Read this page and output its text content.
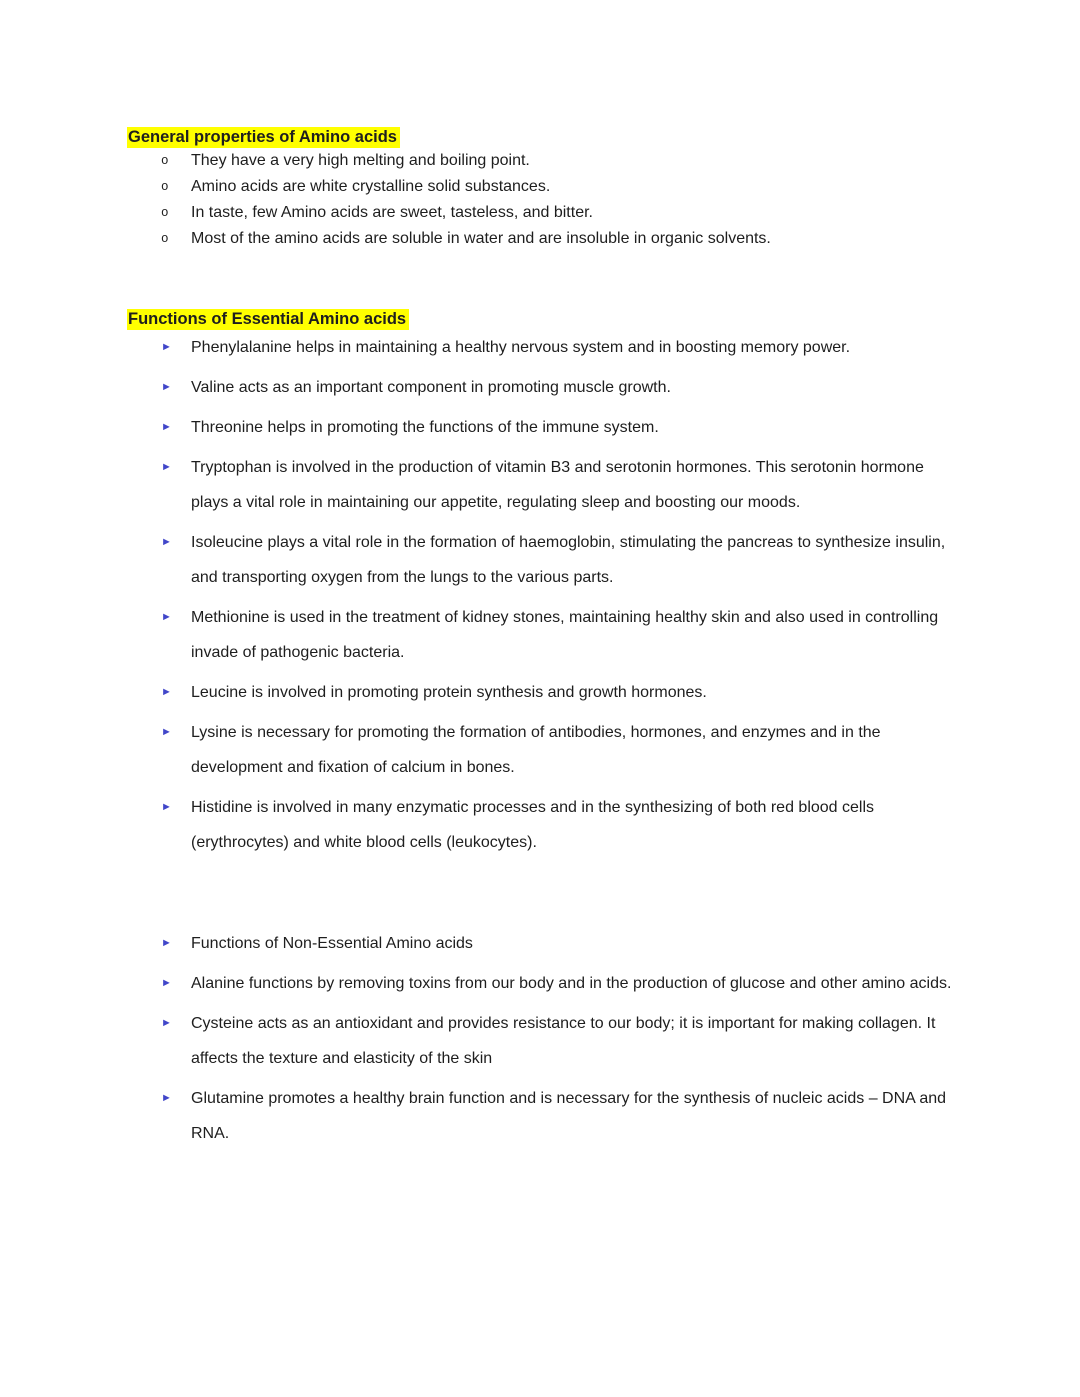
General properties of Amino acids
o	They have a very high melting and boiling point.
o	Amino acids are white crystalline solid substances.
o	In taste, few Amino acids are sweet, tasteless, and bitter.
o	Most of the amino acids are soluble in water and are insoluble in organic solvents.
Functions of Essential Amino acids
►	Phenylalanine helps in maintaining a healthy nervous system and in boosting memory power.
►	Valine acts as an important component in promoting muscle growth.
►	Threonine helps in promoting the functions of the immune system.
►	Tryptophan is involved in the production of vitamin B3 and serotonin hormones. This serotonin hormone plays a vital role in maintaining our appetite, regulating sleep and boosting our moods.
►	Isoleucine plays a vital role in the formation of haemoglobin, stimulating the pancreas to synthesize insulin, and transporting oxygen from the lungs to the various parts.
►	Methionine is used in the treatment of kidney stones, maintaining healthy skin and also used in controlling invade of pathogenic bacteria.
►	Leucine is involved in promoting protein synthesis and growth hormones.
►	Lysine is necessary for promoting the formation of antibodies, hormones, and enzymes and in the development and fixation of calcium in bones.
►	Histidine is involved in many enzymatic processes and in the synthesizing of both red blood cells (erythrocytes) and white blood cells (leukocytes).
►	Functions of Non-Essential Amino acids
►	Alanine functions by removing toxins from our body and in the production of glucose and other amino acids.
►	Cysteine acts as an antioxidant and provides resistance to our body; it is important for making collagen. It affects the texture and elasticity of the skin
►	Glutamine promotes a healthy brain function and is necessary for the synthesis of nucleic acids – DNA and RNA.
